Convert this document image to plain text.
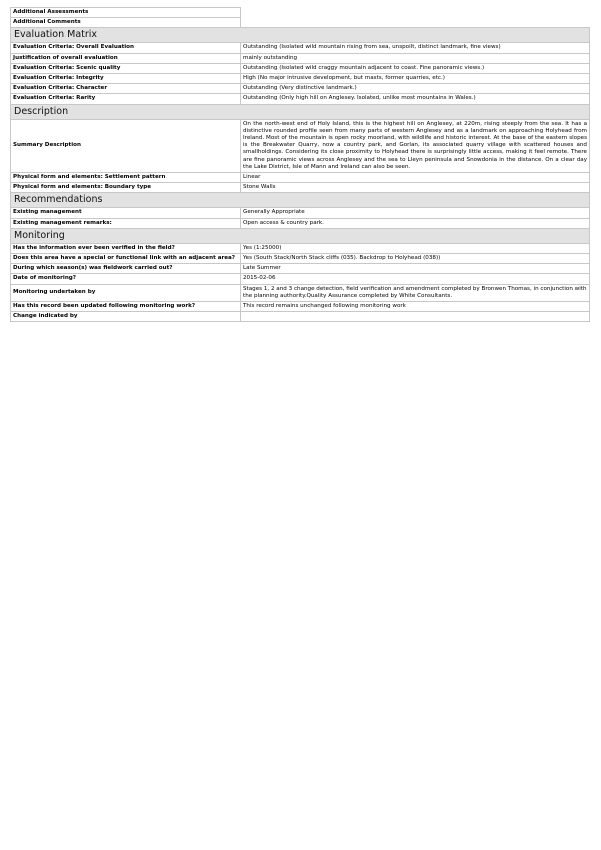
Additional Assessments	
Additional Comments	
Evaluation Matrix	
Evaluation Criteria: Overall Evaluation	Outstanding (Isolated wild mountain rising from sea, unspoilt, distinct landmark, fine views)
Justification of overall evaluation	mainly outstanding
Evaluation Criteria: Scenic quality	Outstanding (Isolated wild craggy mountain adjacent to coast. Fine panoramic views.)
Evaluation Criteria: Integrity	High (No major intrusive development, but masts, former quarries, etc.)
Evaluation Criteria: Character	Outstanding (Very distinctive landmark.)
Evaluation Criteria: Rarity	Outstanding (Only high hill on Anglesey. Isolated, unlike most mountains in Wales.)
Description	
Summary Description	On the north-west end of Holy Island, this is the highest hill on Anglesey, at 220m, rising steeply from the sea. It has a distinctive rounded profile seen from many parts of western Anglesey and as a landmark on approaching Holyhead from Ireland. Most of the mountain is open rocky moorland, with wildlife and historic interest. At the base of the eastern slopes is the Breakwater Quarry, now a country park, and Gorlan, its associated quarry village with scattered houses and smallholdings. Considering its close proximity to Holyhead there is surprisingly little access, making it feel remote. There are fine panoramic views across Anglesey and the sea to Lleyn peninsula and Snowdonia in the distance. On a clear day the Lake District, Isle of Mann and Ireland can also be seen.
Physical form and elements: Settlement pattern	Linear
Physical form and elements: Boundary type	Stone Walls
Recommendations	
Existing management	Generally Appropriate
Existing management remarks:	Open access & country park.
Monitoring	
Has the information ever been verified in the field?	Yes (1:25000)
Does this area have a special or functional link with an adjacent area?	Yes (South Stack/North Stack cliffs (035). Backdrop to Holyhead (038))
During which season(s) was fieldwork carried out?	Late Summer
Date of monitoring?	2015-02-06
Monitoring undertaken by	Stages 1, 2 and 3 change detection, field verification and amendment completed by Bronwen Thomas, in conjunction with the planning authority.Quality Assurance completed by White Consultants.
Has this record been updated following monitoring work?	This record remains unchanged following monitoring work
Change indicated by	
